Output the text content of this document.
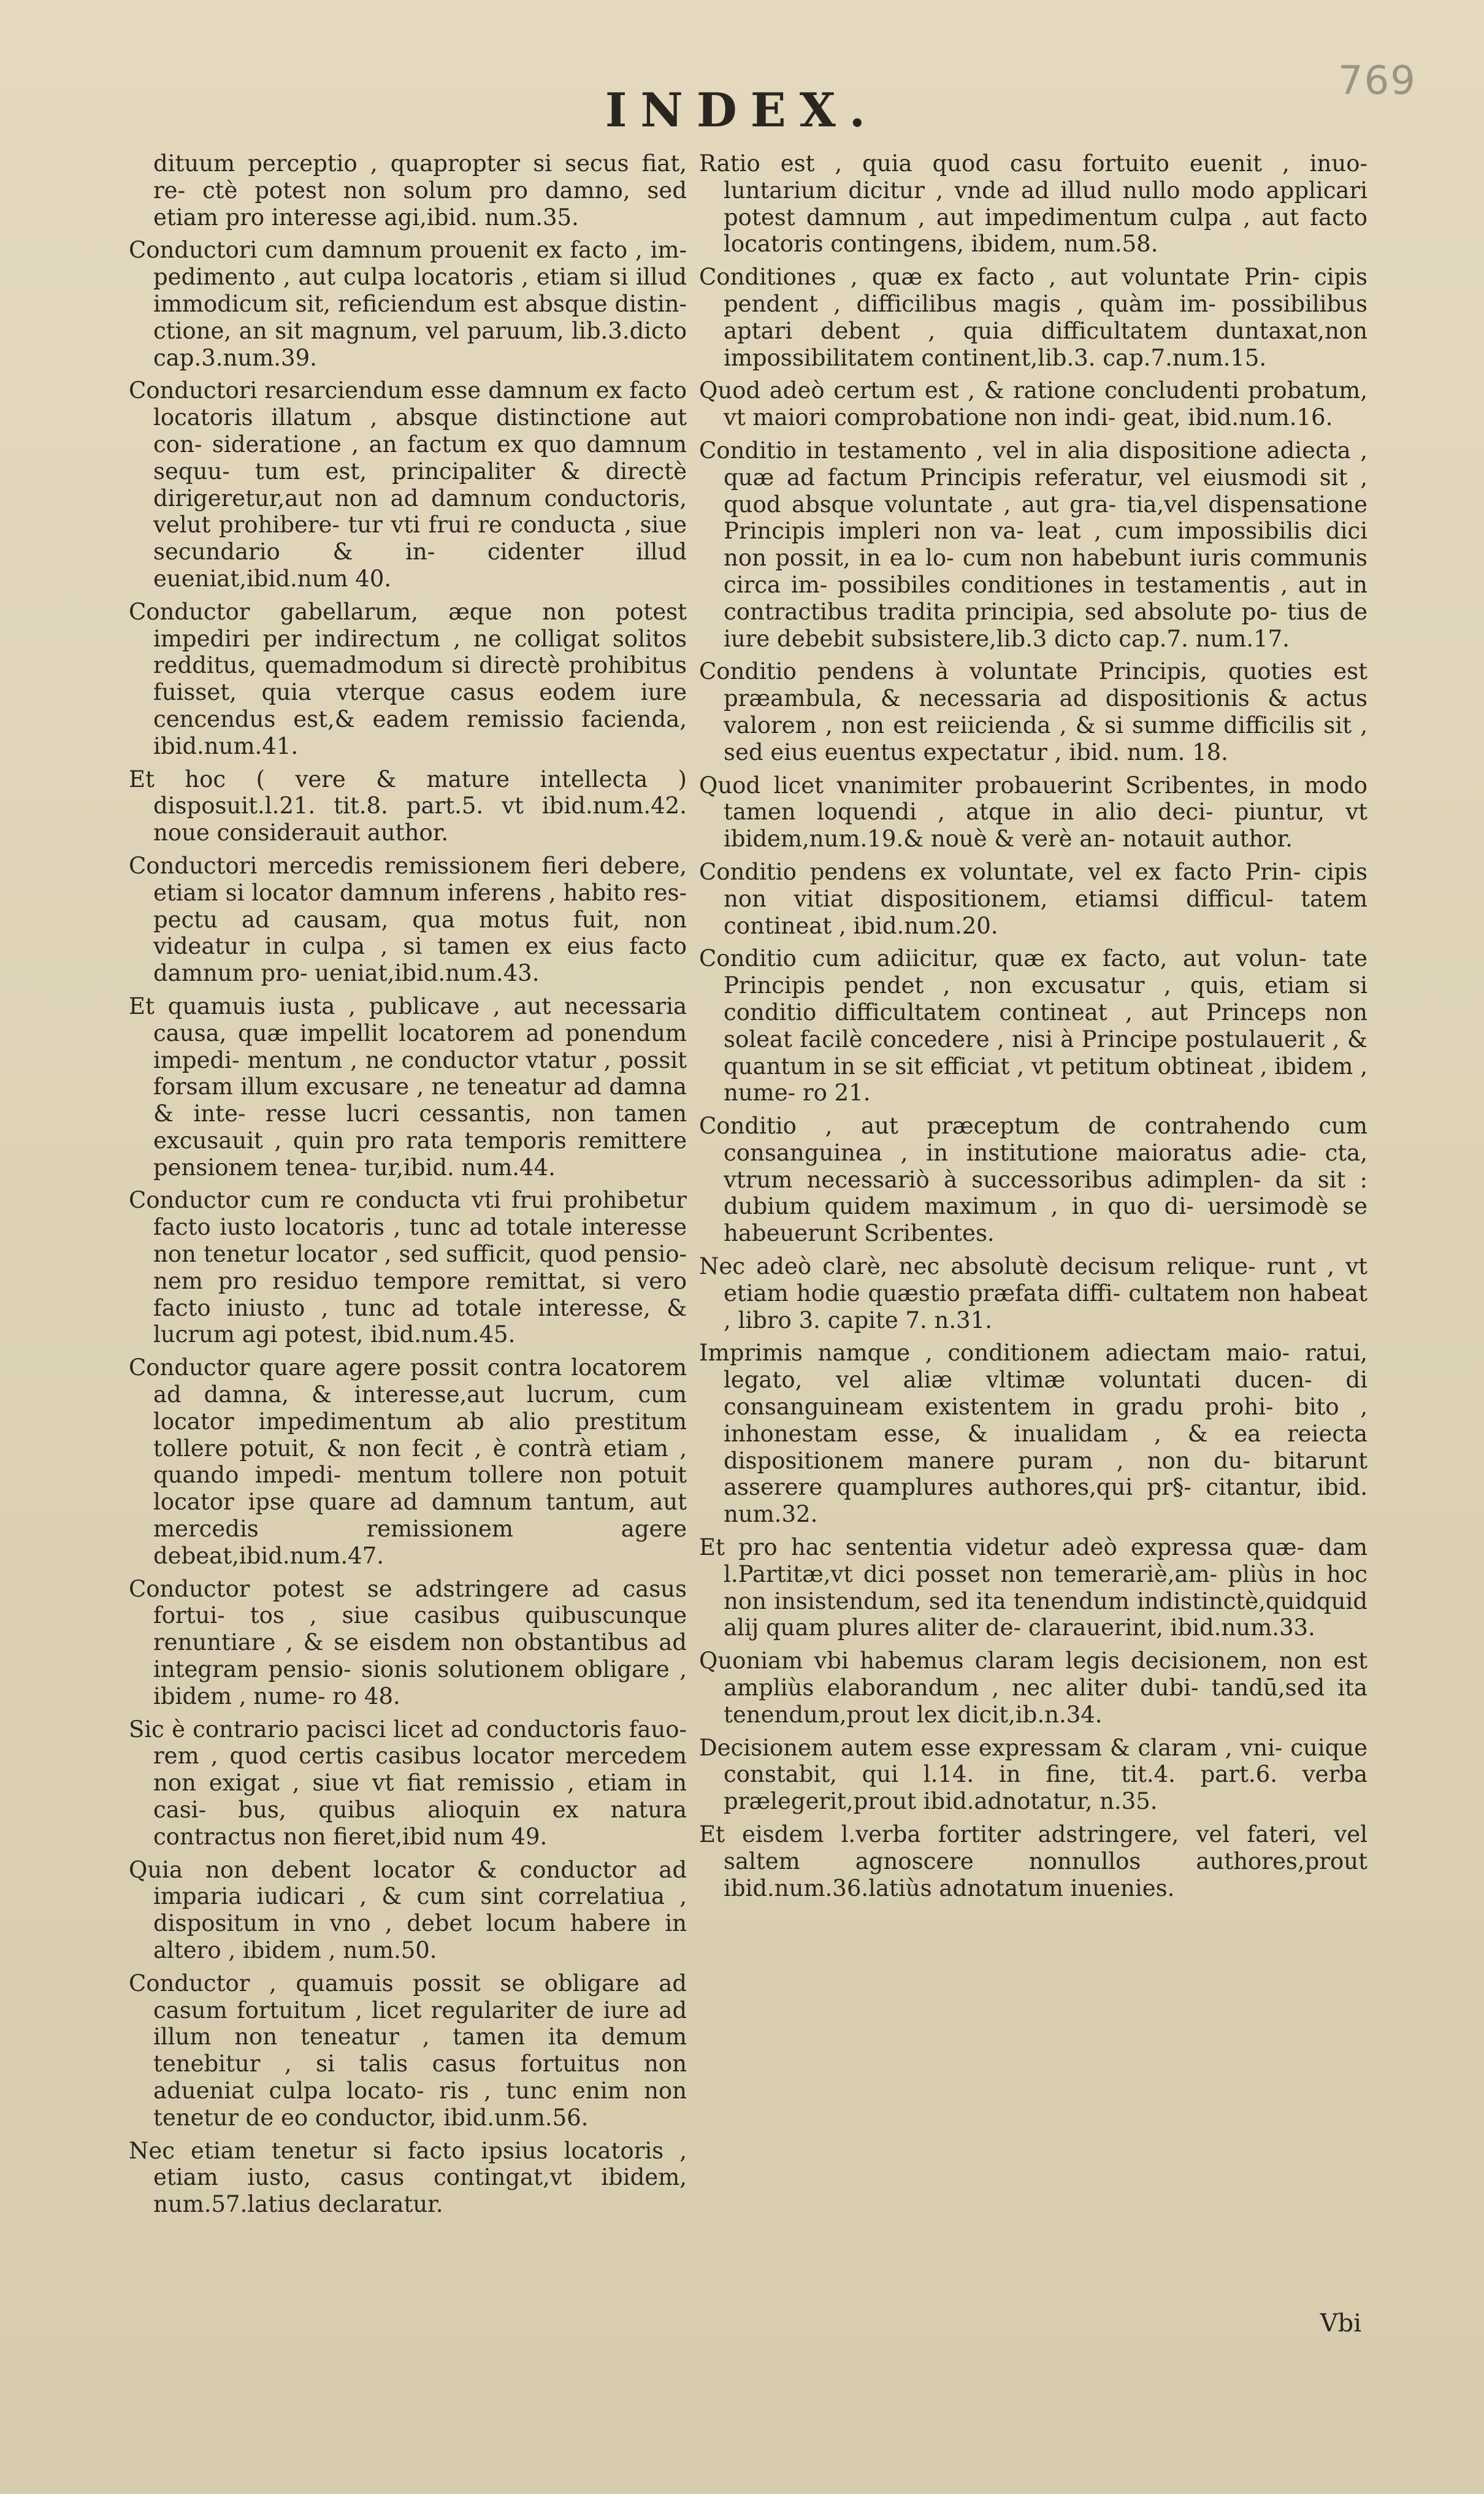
769
INDEX.

dituum perceptio , quapropter si secus fiat, re- ctè potest non solum pro damno, sed etiam pro interesse agi,ibid. num.35.

Conductori cum damnum prouenit ex facto , im- pedimento , aut culpa locatoris , etiam si illud immodicum sit, reficiendum est absque distin- ctione, an sit magnum, vel paruum, lib.3.dicto cap.3.num.39.

Conductori resarciendum esse damnum ex facto locatoris illatum , absque distinctione aut con- sideratione , an factum ex quo damnum sequu- tum est, principaliter & directè dirigeretur,aut non ad damnum conductoris, velut prohibere- tur vti frui re conducta , siue secundario & in- cidenter illud eueniat,ibid.num 40.

Conductor gabellarum, æque non potest impediri per indirectum , ne colligat solitos redditus, quemadmodum si directè prohibitus fuisset, quia vterque casus eodem iure cencendus est,& eadem remissio facienda, ibid.num.41.

Et hoc ( vere & mature intellecta ) disposuit.l.21. tit.8. part.5. vt ibid.num.42. noue considerauit author.

Conductori mercedis remissionem fieri debere, etiam si locator damnum inferens , habito res- pectu ad causam, qua motus fuit, non videatur in culpa , si tamen ex eius facto damnum pro- ueniat,ibid.num.43.

Et quamuis iusta , publicave , aut necessaria causa, quæ impellit locatorem ad ponendum impedi- mentum , ne conductor vtatur , possit forsam illum excusare , ne teneatur ad damna & inte- resse lucri cessantis, non tamen excusauit , quin pro rata temporis remittere pensionem tenea- tur,ibid. num.44.

Conductor cum re conducta vti frui prohibetur facto iusto locatoris , tunc ad totale interesse non tenetur locator , sed sufficit, quod pensio- nem pro residuo tempore remittat, si vero facto iniusto , tunc ad totale interesse, & lucrum agi potest, ibid.num.45.

Conductor quare agere possit contra locatorem ad damna, & interesse,aut lucrum, cum locator impedimentum ab alio prestitum tollere potuit, & non fecit , è contrà etiam , quando impedi- mentum tollere non potuit locator ipse quare ad damnum tantum, aut mercedis remissionem agere debeat,ibid.num.47.

Conductor potest se adstringere ad casus fortui- tos , siue casibus quibuscunque renuntiare , & se eisdem non obstantibus ad integram pensio- sionis solutionem obligare , ibidem , nume- ro 48.

Sic è contrario pacisci licet ad conductoris fauo- rem , quod certis casibus locator mercedem non exigat , siue vt fiat remissio , etiam in casi- bus, quibus alioquin ex natura contractus non fieret,ibid num 49.

Quia non debent locator & conductor ad imparia iudicari , & cum sint correlatiua , dispositum in vno , debet locum habere in altero , ibidem , num.50.

Conductor , quamuis possit se obligare ad casum fortuitum , licet regulariter de iure ad illum non teneatur , tamen ita demum tenebitur , si talis casus fortuitus non adueniat culpa locato- ris , tunc enim non tenetur de eo conductor, ibid.unm.56.

Nec etiam tenetur si facto ipsius locatoris , etiam iusto, casus contingat,vt ibidem, num.57.latius declaratur.

Ratio est , quia quod casu fortuito euenit , inuo- luntarium dicitur , vnde ad illud nullo modo applicari potest damnum , aut impedimentum culpa , aut facto locatoris contingens, ibidem, num.58.

Conditiones , quæ ex facto , aut voluntate Prin- cipis pendent , difficilibus magis , quàm im- possibilibus aptari debent , quia difficultatem duntaxat,non impossibilitatem continent,lib.3. cap.7.num.15.

Quod adeò certum est , & ratione concludenti probatum, vt maiori comprobatione non indi- geat, ibid.num.16.

Conditio in testamento , vel in alia dispositione adiecta , quæ ad factum Principis referatur, vel eiusmodi sit , quod absque voluntate , aut gra- tia,vel dispensatione Principis impleri non va- leat , cum impossibilis dici non possit, in ea lo- cum non habebunt iuris communis circa im- possibiles conditiones in testamentis , aut in contractibus tradita principia, sed absolute po- tius de iure debebit subsistere,lib.3 dicto cap.7. num.17.

Conditio pendens à voluntate Principis, quoties est præambula, & necessaria ad dispositionis & actus valorem , non est reiicienda , & si summe difficilis sit , sed eius euentus expectatur , ibid. num. 18.

Quod licet vnanimiter probauerint Scribentes, in modo tamen loquendi , atque in alio deci- piuntur, vt ibidem,num.19.& nouè & verè an- notauit author.

Conditio pendens ex voluntate, vel ex facto Prin- cipis non vitiat dispositionem, etiamsi difficul- tatem contineat , ibid.num.20.

Conditio cum adiicitur, quæ ex facto, aut volun- tate Principis pendet , non excusatur , quis, etiam si conditio difficultatem contineat , aut Princeps non soleat facilè concedere , nisi à Principe postulauerit , & quantum in se sit efficiat , vt petitum obtineat , ibidem , nume- ro 21.

Conditio , aut præceptum de contrahendo cum consanguinea , in institutione maioratus adie- cta, vtrum necessariò à successoribus adimplen- da sit : dubium quidem maximum , in quo di- uersimodè se habeuerunt Scribentes.

Nec adeò clarè, nec absolutè decisum relique- runt , vt etiam hodie quæstio præfata diffi- cultatem non habeat , libro 3. capite 7. n.31.

Imprimis namque , conditionem adiectam maio- ratui, legato, vel aliæ vltimæ voluntati ducen- di consanguineam existentem in gradu prohi- bito , inhonestam esse, & inualidam , & ea reiecta dispositionem manere puram , non du- bitarunt asserere quamplures authores,qui pr§- citantur, ibid. num.32.

Et pro hac sententia videtur adeò expressa quæ- dam l.Partitæ,vt dici posset non temerariè,am- pliùs in hoc non insistendum, sed ita tenendum indistinctè,quidquid alij quam plures aliter de- clarauerint, ibid.num.33.

Quoniam vbi habemus claram legis decisionem, non est ampliùs elaborandum , nec aliter dubi- tandū,sed ita tenendum,prout lex dicit,ib.n.34.

Decisionem autem esse expressam & claram , vni- cuique constabit, qui l.14. in fine, tit.4. part.6. verba prælegerit,prout ibid.adnotatur, n.35.

Et eisdem l.verba fortiter adstringere, vel fateri, vel saltem agnoscere nonnullos authores,prout ibid.num.36.latiùs adnotatum inuenies.

Vbi
